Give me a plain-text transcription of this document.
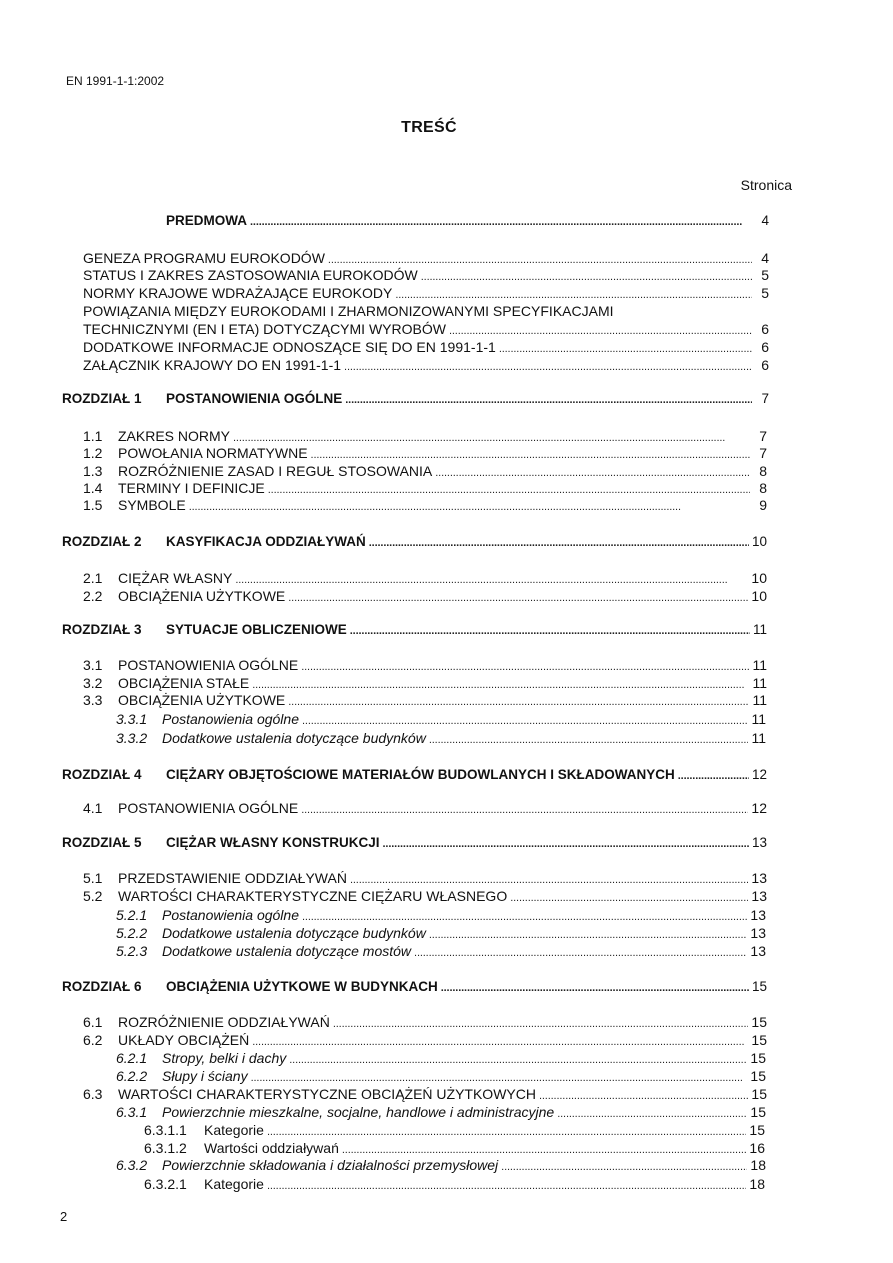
EN 1991-1-1:2002
TREŚĆ
Stronica
PREDMOWA . . .	4
GENEZA PROGRAMU EUROKODÓW . . .	4
STATUS I ZAKRES ZASTOSOWANIA EUROKODÓW . . .	5
NORMY KRAJOWE WDRAŻAJĄCE EUROKODY . . .	5
POWIĄZANIA MIĘDZY EUROKODAMI I ZHARMONIZOWANYMI SPECYFIKACJAMI
TECHNICZNYMI (EN I ETA) DOTYCZĄCYMI WYROBÓW . . .	6
DODATKOWE INFORMACJE ODNOSZĄCE SIĘ DO EN 1991-1-1 . . .	6
ZAŁĄCZNIK KRAJOWY DO EN 1991-1-1 . . .	6
ROZDZIAŁ 1	POSTANOWIENIA OGÓLNE . . .	7
1.1	ZAKRES NORMY . . .	7
1.2	POWOŁANIA NORMATYWNE . . .	7
1.3	ROZRÓŻNIENIE ZASAD I REGUŁ STOSOWANIA . . .	8
1.4	TERMINY I DEFINICJE . . .	8
1.5	SYMBOLE . . .	9
ROZDZIAŁ 2	KASYFIKACJA ODDZIAŁYWAŃ . . .	10
2.1	CIĘŻAR WŁASNY . . .	10
2.2	OBCIĄŻENIA UŻYTKOWE . . .	10
ROZDZIAŁ 3	SYTUACJE OBLICZENIOWE . . .	11
3.1	POSTANOWIENIA OGÓLNE . . .	11
3.2	OBCIĄŻENIA STAŁE . . .	11
3.3	OBCIĄŻENIA UŻYTKOWE . . .	11
3.3.1	Postanowienia ogólne . . .	11
3.3.2	Dodatkowe ustalenia dotyczące budynków . . .	11
ROZDZIAŁ 4	CIĘŻARY OBJĘTOŚCIOWE MATERIAŁÓW BUDOWLANYCH I SKŁADOWANYCH . . .	12
4.1	POSTANOWIENIA OGÓLNE . . .	12
ROZDZIAŁ 5	CIĘŻAR WŁASNY KONSTRUKCJI . . .	13
5.1	PRZEDSTAWIENIE ODDZIAŁYWAŃ . . .	13
5.2	WARTOŚCI CHARAKTERYSTYCZNE CIĘŻARU WŁASNEGO . . .	13
5.2.1	Postanowienia ogólne . . .	13
5.2.2	Dodatkowe ustalenia dotyczące budynków . . .	13
5.2.3	Dodatkowe ustalenia dotyczące mostów . . .	13
ROZDZIAŁ 6	OBCIĄŻENIA UŻYTKOWE W BUDYNKACH . . .	15
6.1	ROZRÓŻNIENIE ODDZIAŁYWAŃ . . .	15
6.2	UKŁADY OBCIĄŻEŃ . . .	15
6.2.1	Stropy, belki i dachy . . .	15
6.2.2	Słupy i ściany . . .	15
6.3	WARTOŚCI CHARAKTERYSTYCZNE OBCIĄŻEŃ UŻYTKOWYCH . . .	15
6.3.1	Powierzchnie mieszkalne, socjalne, handlowe i administracyjne . . .	15
6.3.1.1	Kategorie . . .	15
6.3.1.2	Wartości oddziaływań . . .	16
6.3.2	Powierzchnie składowania i działalności przemysłowej . . .	18
6.3.2.1	Kategorie . . .	18
2
